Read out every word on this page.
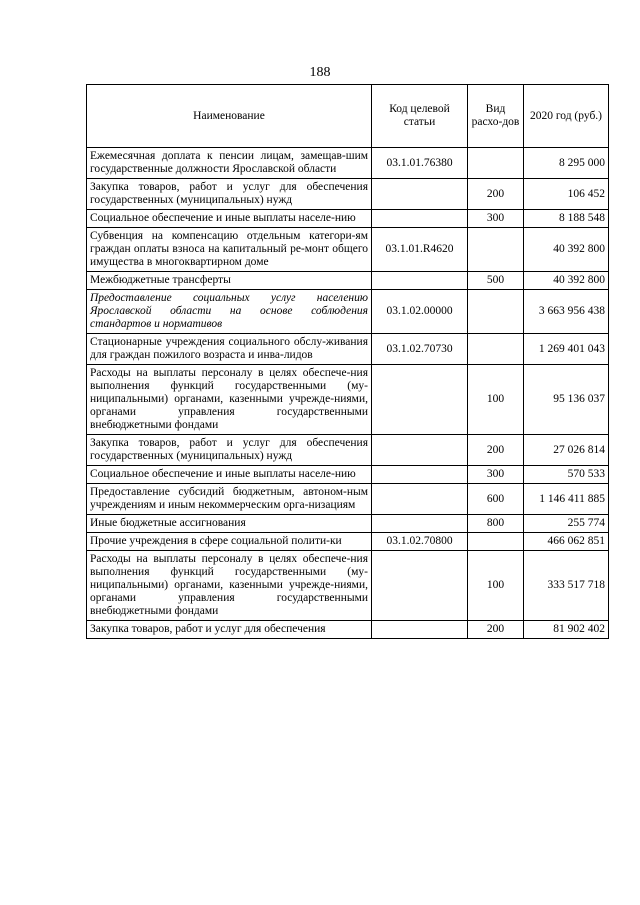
188
Наименование	Код целевой статьи	Вид расхо-дов	2020 год (руб.)
Ежемесячная доплата к пенсии лицам, замещав-шим государственные должности Ярославской области	03.1.01.76380		8 295 000
Закупка товаров, работ и услуг для обеспечения государственных (муниципальных) нужд		200	106 452
Социальное обеспечение и иные выплаты населе-нию		300	8 188 548
Субвенция на компенсацию отдельным категори-ям граждан оплаты взноса на капитальный ре-монт общего имущества в многоквартирном доме	03.1.01.R4620		40 392 800
Межбюджетные трансферты		500	40 392 800
Предоставление социальных услуг населению Ярославской области на основе соблюдения стандартов и нормативов	03.1.02.00000		3 663 956 438
Стационарные учреждения социального обслу-живания для граждан пожилого возраста и инва-лидов	03.1.02.70730		1 269 401 043
Расходы на выплаты персоналу в целях обеспече-ния выполнения функций государственными (му-ниципальными) органами, казенными учрежде-ниями, органами управления государственными внебюджетными фондами		100	95 136 037
Закупка товаров, работ и услуг для обеспечения государственных (муниципальных) нужд		200	27 026 814
Социальное обеспечение и иные выплаты населе-нию		300	570 533
Предоставление субсидий бюджетным, автоном-ным учреждениям и иным некоммерческим орга-низациям		600	1 146 411 885
Иные бюджетные ассигнования		800	255 774
Прочие учреждения в сфере социальной полити-ки	03.1.02.70800		466 062 851
Расходы на выплаты персоналу в целях обеспече-ния выполнения функций государственными (му-ниципальными) органами, казенными учрежде-ниями, органами управления государственными внебюджетными фондами		100	333 517 718
Закупка товаров, работ и услуг для обеспечения		200	81 902 402
